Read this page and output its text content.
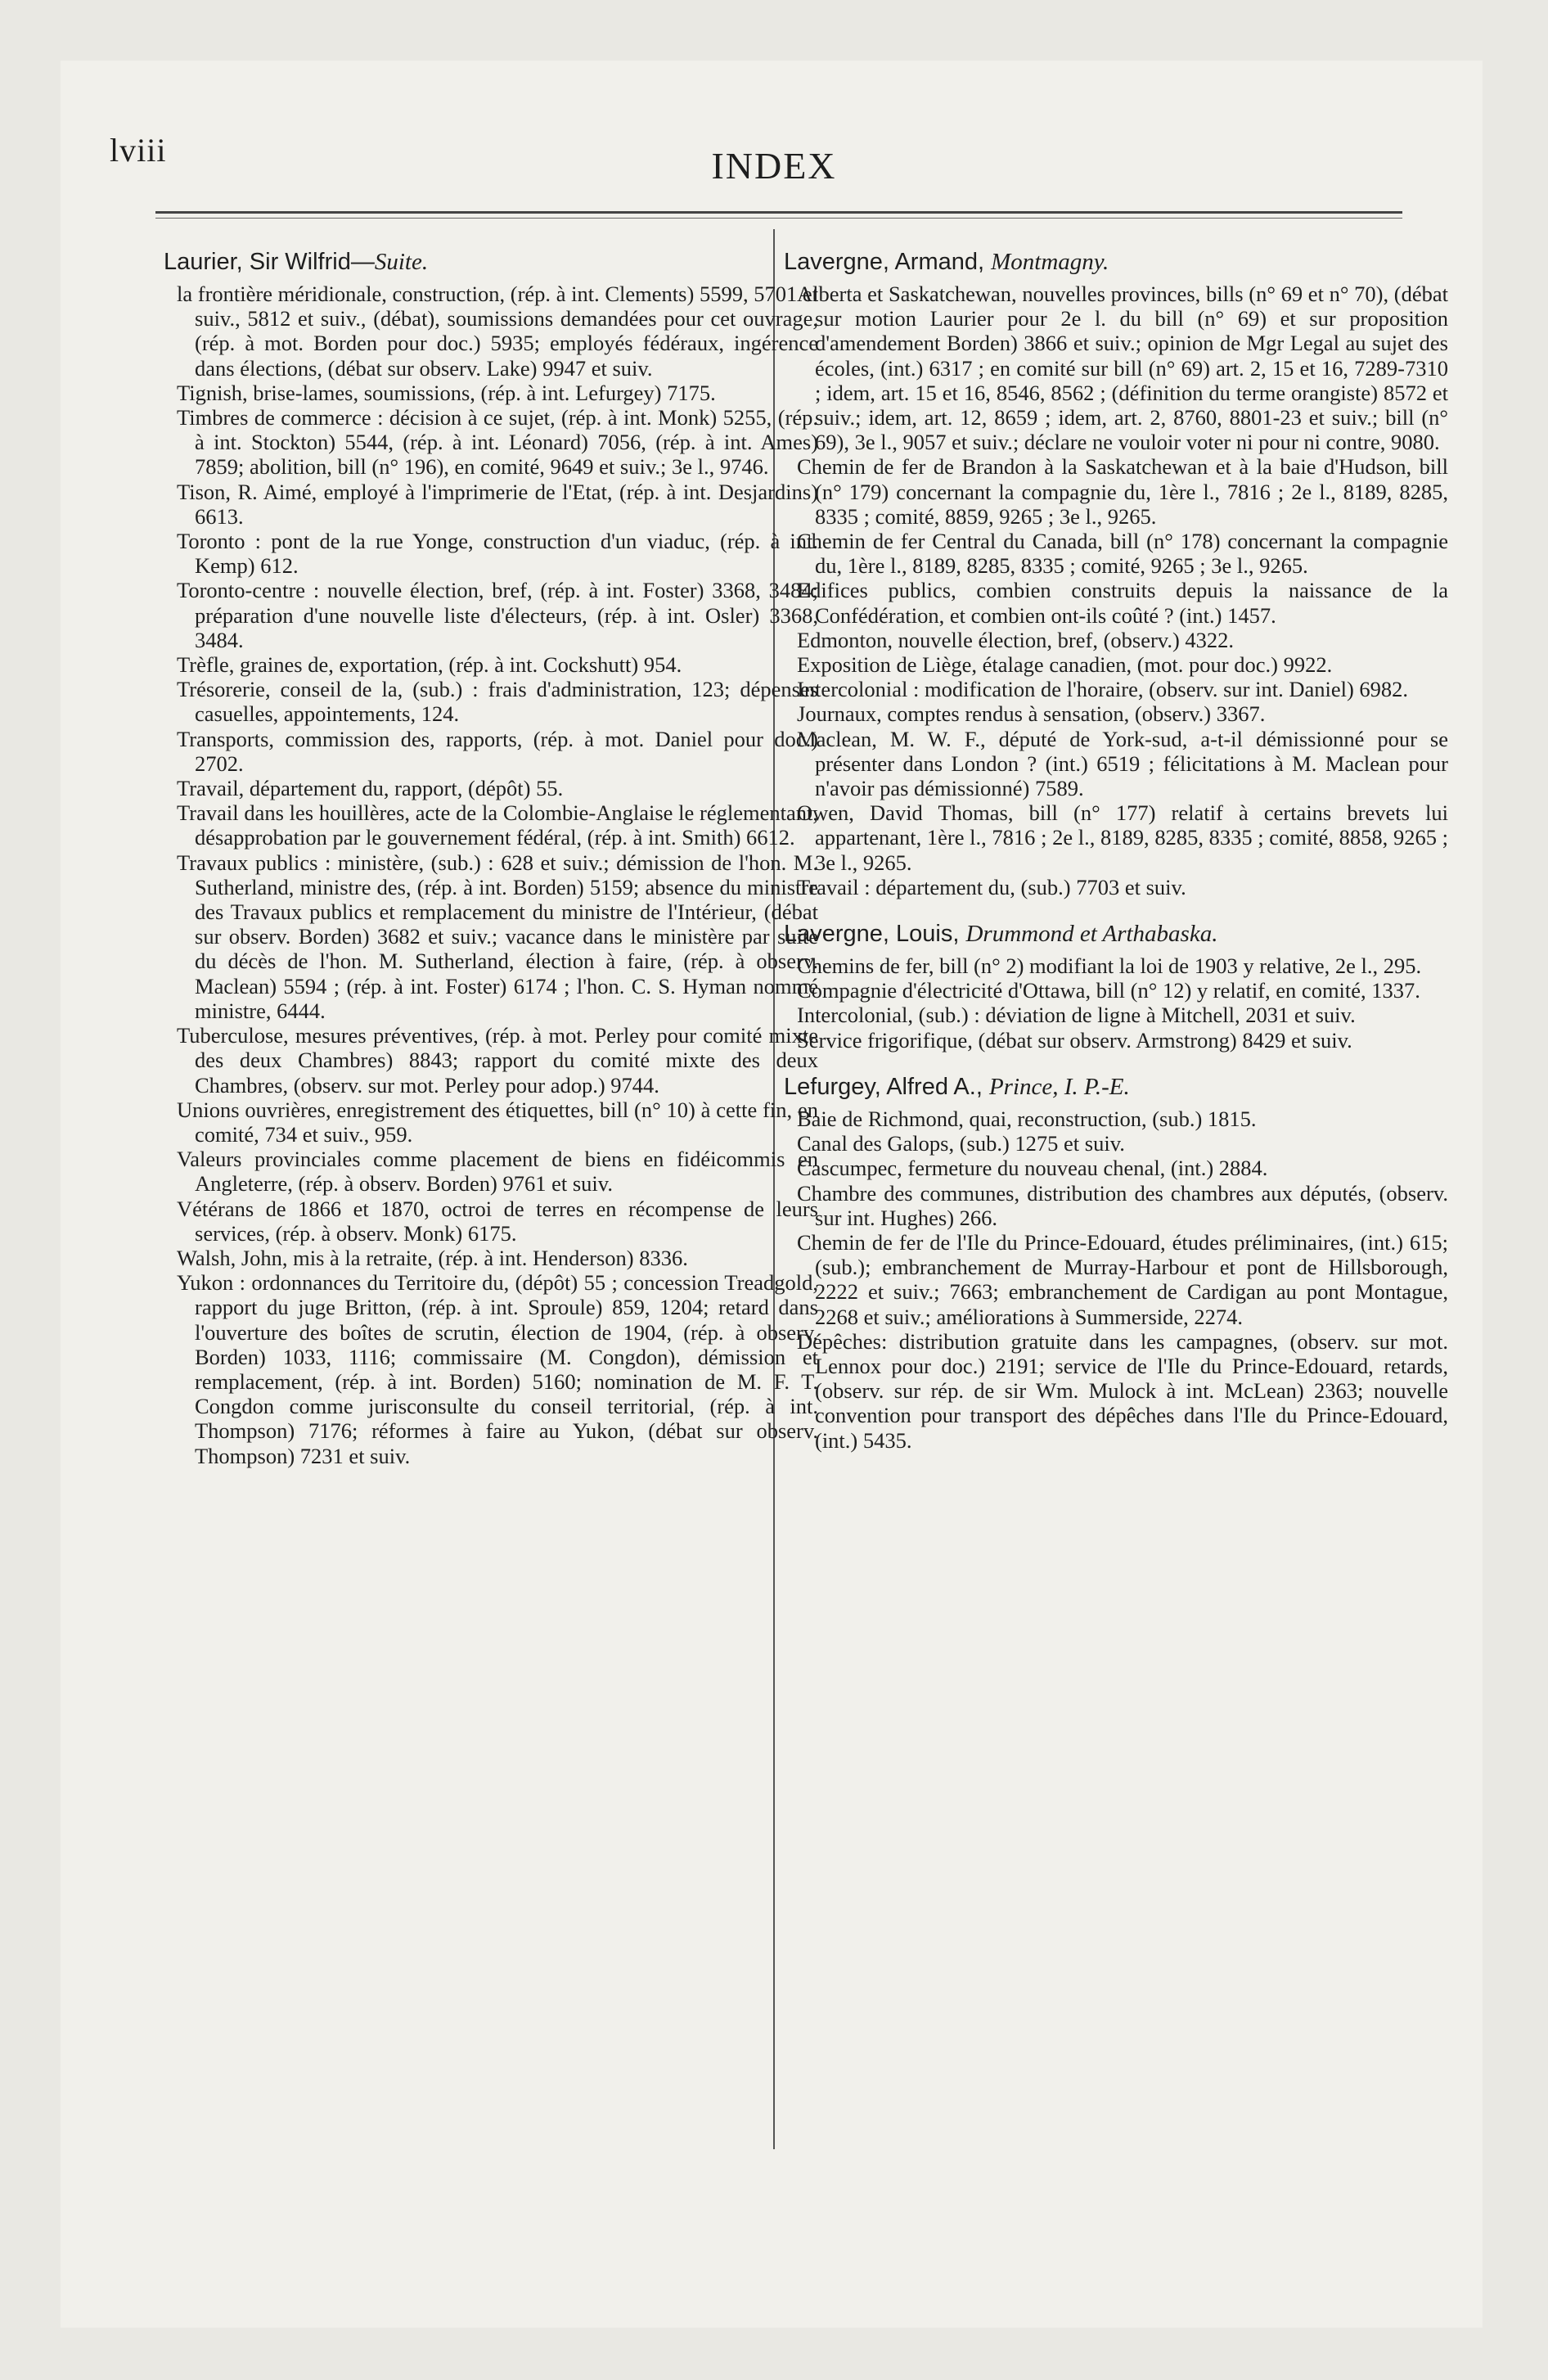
lviii	INDEX
Laurier, Sir Wilfrid—Suite.

la frontière méridionale, construction, (rép. à int. Clements) 5599, 5701 et suiv., 5812 et suiv., (débat), soumissions demandées pour cet ouvrage, (rép. à mot. Borden pour doc.) 5935; employés fédéraux, ingérence dans élections, (débat sur observ. Lake) 9947 et suiv.

Tignish, brise-lames, soumissions, (rép. à int. Lefurgey) 7175.

Timbres de commerce : décision à ce sujet, (rép. à int. Monk) 5255, (rép. à int. Stockton) 5544, (rép. à int. Léonard) 7056, (rép. à int. Ames) 7859; abolition, bill (n° 196), en comité, 9649 et suiv.; 3e l., 9746.

Tison, R. Aimé, employé à l'imprimerie de l'Etat, (rép. à int. Desjardins) 6613.

Toronto : pont de la rue Yonge, construction d'un viaduc, (rép. à int. Kemp) 612.

Toronto-centre : nouvelle élection, bref, (rép. à int. Foster) 3368, 3484; préparation d'une nouvelle liste d'électeurs, (rép. à int. Osler) 3368, 3484.

Trèfle, graines de, exportation, (rép. à int. Cockshutt) 954.

Trésorerie, conseil de la, (sub.) : frais d'administration, 123; dépenses casuelles, appointements, 124.

Transports, commission des, rapports, (rép. à mot. Daniel pour doc.) 2702.

Travail, département du, rapport, (dépôt) 55.

Travail dans les houillères, acte de la Colombie-Anglaise le réglementant, désapprobation par le gouvernement fédéral, (rép. à int. Smith) 6612.

Travaux publics : ministère, (sub.) : 628 et suiv.; démission de l'hon. M. Sutherland, ministre des, (rép. à int. Borden) 5159; absence du ministre des Travaux publics et remplacement du ministre de l'Intérieur, (débat sur observ. Borden) 3682 et suiv.; vacance dans le ministère par suite du décès de l'hon. M. Sutherland, élection à faire, (rép. à observ. Maclean) 5594 ; (rép. à int. Foster) 6174 ; l'hon. C. S. Hyman nommé ministre, 6444.

Tuberculose, mesures préventives, (rép. à mot. Perley pour comité mixte des deux Chambres) 8843; rapport du comité mixte des deux Chambres, (observ. sur mot. Perley pour adop.) 9744.

Unions ouvrières, enregistrement des étiquettes, bill (n° 10) à cette fin, en comité, 734 et suiv., 959.

Valeurs provinciales comme placement de biens en fidéicommis en Angleterre, (rép. à observ. Borden) 9761 et suiv.

Vétérans de 1866 et 1870, octroi de terres en récompense de leurs services, (rép. à observ. Monk) 6175.

Walsh, John, mis à la retraite, (rép. à int. Henderson) 8336.

Yukon : ordonnances du Territoire du, (dépôt) 55 ; concession Treadgold, rapport du juge Britton, (rép. à int. Sproule) 859, 1204; retard dans l'ouverture des boîtes de scrutin, élection de 1904, (rép. à observ. Borden) 1033, 1116; commissaire (M. Congdon), démission et remplacement, (rép. à int. Borden) 5160; nomination de M. F. T. Congdon comme jurisconsulte du conseil territorial, (rép. à int. Thompson) 7176; réformes à faire au Yukon, (débat sur observ. Thompson) 7231 et suiv.

Lavergne, Armand, Montmagny.

Alberta et Saskatchewan, nouvelles provinces, bills (n° 69 et n° 70), (débat sur motion Laurier pour 2e l. du bill (n° 69) et sur proposition d'amendement Borden) 3866 et suiv.; opinion de Mgr Legal au sujet des écoles, (int.) 6317 ; en comité sur bill (n° 69) art. 2, 15 et 16, 7289-7310 ; idem, art. 15 et 16, 8546, 8562 ; (définition du terme orangiste) 8572 et suiv.; idem, art. 12, 8659 ; idem, art. 2, 8760, 8801-23 et suiv.; bill (n° 69), 3e l., 9057 et suiv.; déclare ne vouloir voter ni pour ni contre, 9080.

Chemin de fer de Brandon à la Saskatchewan et à la baie d'Hudson, bill (n° 179) concernant la compagnie du, 1ère l., 7816 ; 2e l., 8189, 8285, 8335 ; comité, 8859, 9265 ; 3e l., 9265.

Chemin de fer Central du Canada, bill (n° 178) concernant la compagnie du, 1ère l., 8189, 8285, 8335 ; comité, 9265 ; 3e l., 9265.

Edifices publics, combien construits depuis la naissance de la Confédération, et combien ont-ils coûté ? (int.) 1457.

Edmonton, nouvelle élection, bref, (observ.) 4322.

Exposition de Liège, étalage canadien, (mot. pour doc.) 9922.

Intercolonial : modification de l'horaire, (observ. sur int. Daniel) 6982.

Journaux, comptes rendus à sensation, (observ.) 3367.

Maclean, M. W. F., député de York-sud, a-t-il démissionné pour se présenter dans London ? (int.) 6519 ; félicitations à M. Maclean pour n'avoir pas démissionné) 7589.

Owen, David Thomas, bill (n° 177) relatif à certains brevets lui appartenant, 1ère l., 7816 ; 2e l., 8189, 8285, 8335 ; comité, 8858, 9265 ; 3e l., 9265.

Travail : département du, (sub.) 7703 et suiv.

Lavergne, Louis, Drummond et Arthabaska.

Chemins de fer, bill (n° 2) modifiant la loi de 1903 y relative, 2e l., 295.

Compagnie d'électricité d'Ottawa, bill (n° 12) y relatif, en comité, 1337.

Intercolonial, (sub.) : déviation de ligne à Mitchell, 2031 et suiv.

Service frigorifique, (débat sur observ. Armstrong) 8429 et suiv.

Lefurgey, Alfred A., Prince, I. P.-E.

Baie de Richmond, quai, reconstruction, (sub.) 1815.

Canal des Galops, (sub.) 1275 et suiv.

Cascumpec, fermeture du nouveau chenal, (int.) 2884.

Chambre des communes, distribution des chambres aux députés, (observ. sur int. Hughes) 266.

Chemin de fer de l'Ile du Prince-Edouard, études préliminaires, (int.) 615; (sub.); embranchement de Murray-Harbour et pont de Hillsborough, 2222 et suiv.; 7663; embranchement de Cardigan au pont Montague, 2268 et suiv.; améliorations à Summerside, 2274.

Dépêches: distribution gratuite dans les campagnes, (observ. sur mot. Lennox pour doc.) 2191; service de l'Ile du Prince-Edouard, retards, (observ. sur rép. de sir Wm. Mulock à int. McLean) 2363; nouvelle convention pour transport des dépêches dans l'Ile du Prince-Edouard, (int.) 5435.
